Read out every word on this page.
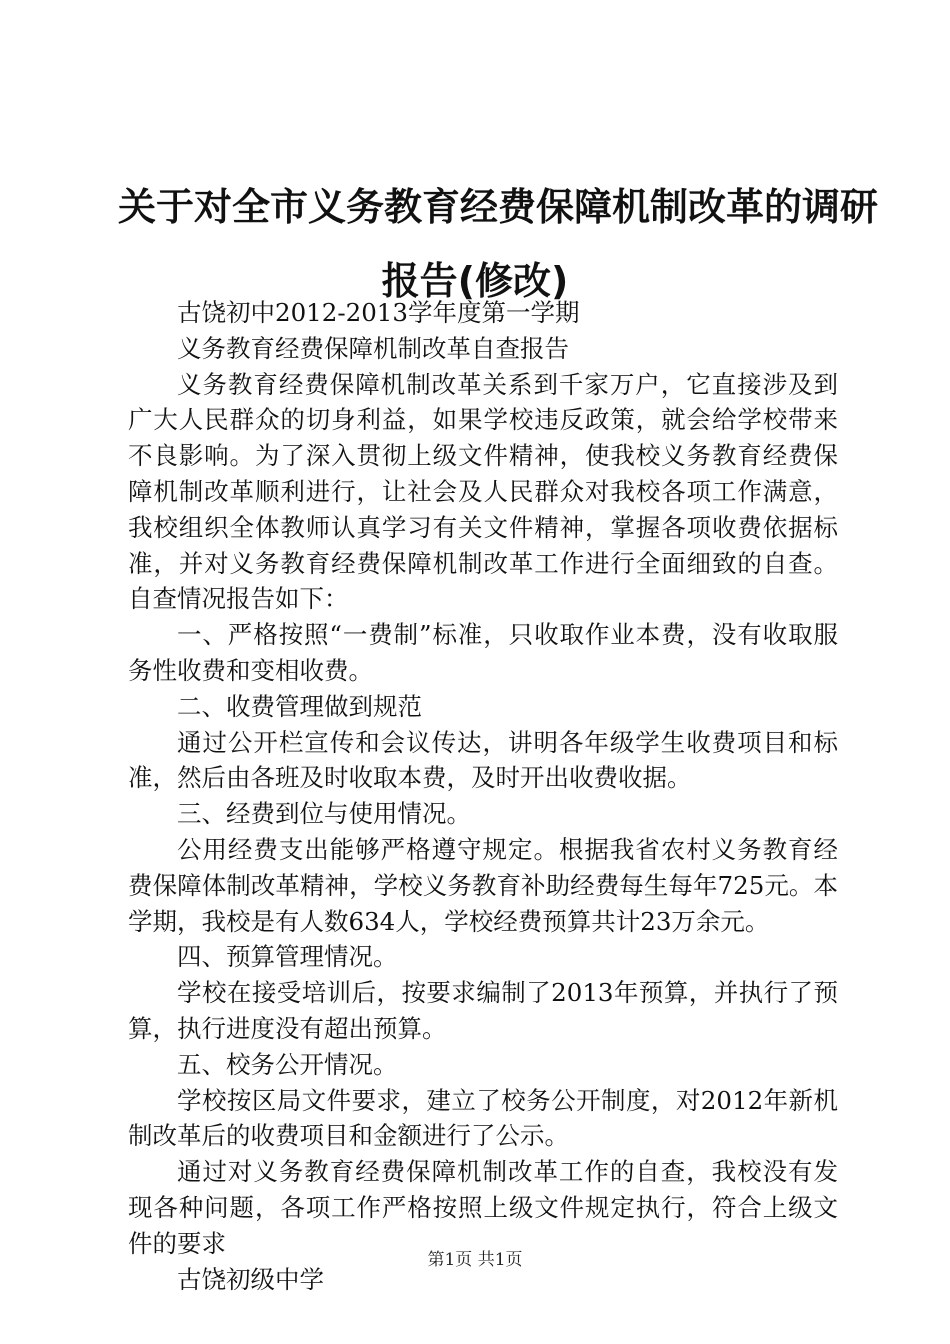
关于对全市义务教育经费保障机制改革的调研
报告(修改)

古饶初中2012-2013学年度第一学期

义务教育经费保障机制改革自查报告

义务教育经费保障机制改革关系到千家万户，它直接涉及到广大人民群众的切身利益，如果学校违反政策，就会给学校带来不良影响。为了深入贯彻上级文件精神，使我校义务教育经费保障机制改革顺利进行，让社会及人民群众对我校各项工作满意，我校组织全体教师认真学习有关文件精神，掌握各项收费依据标准，并对义务教育经费保障机制改革工作进行全面细致的自查。自查情况报告如下：

一、严格按照“一费制”标准，只收取作业本费，没有收取服务性收费和变相收费。

二、收费管理做到规范

通过公开栏宣传和会议传达，讲明各年级学生收费项目和标准，然后由各班及时收取本费，及时开出收费收据。

三、经费到位与使用情况。

公用经费支出能够严格遵守规定。根据我省农村义务教育经费保障体制改革精神，学校义务教育补助经费每生每年725元。本学期，我校是有人数634人，学校经费预算共计23万余元。

四、预算管理情况。

学校在接受培训后，按要求编制了2013年预算，并执行了预算，执行进度没有超出预算。

五、校务公开情况。

学校按区局文件要求，建立了校务公开制度，对2012年新机制改革后的收费项目和金额进行了公示。

通过对义务教育经费保障机制改革工作的自查，我校没有发现各种问题，各项工作严格按照上级文件规定执行，符合上级文件的要求

古饶初级中学

第1页 共1页
